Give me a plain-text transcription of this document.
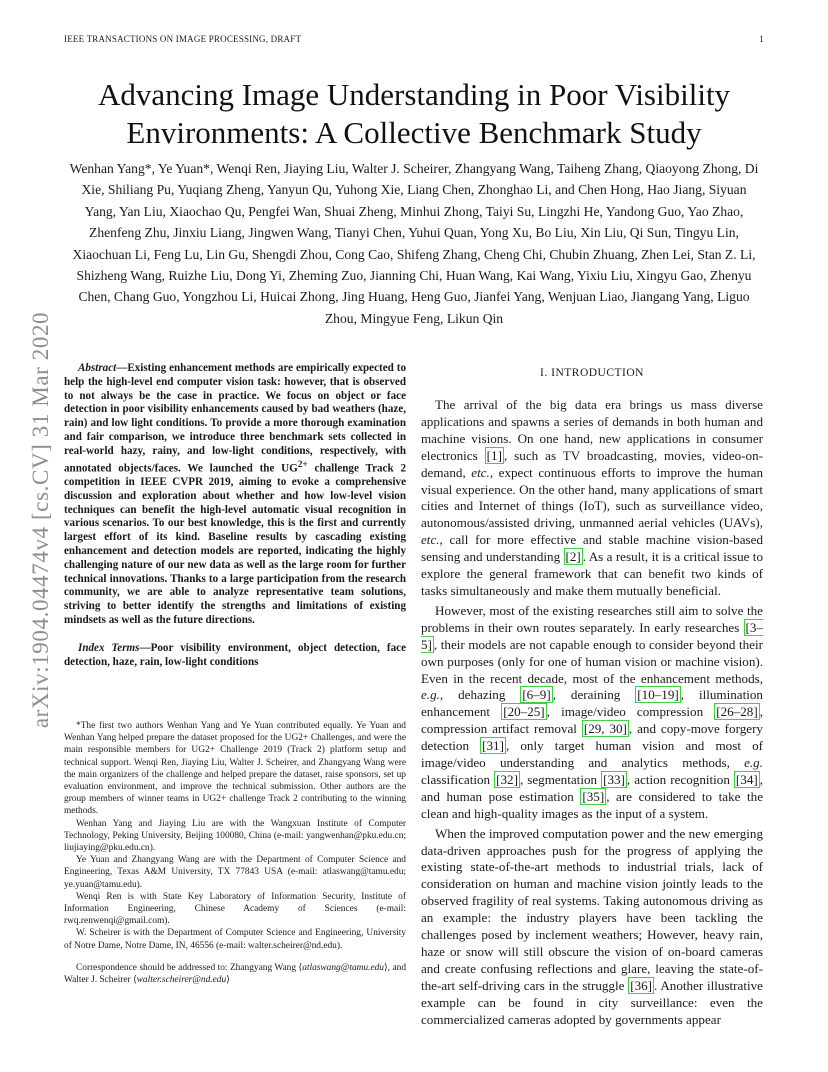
IEEE TRANSACTIONS ON IMAGE PROCESSING, DRAFT	1
arXiv:1904.04474v4 [cs.CV] 31 Mar 2020
Advancing Image Understanding in Poor Visibility Environments: A Collective Benchmark Study
Wenhan Yang*, Ye Yuan*, Wenqi Ren, Jiaying Liu, Walter J. Scheirer, Zhangyang Wang, Taiheng Zhang, Qiaoyong Zhong, Di Xie, Shiliang Pu, Yuqiang Zheng, Yanyun Qu, Yuhong Xie, Liang Chen, Zhonghao Li, and Chen Hong, Hao Jiang, Siyuan Yang, Yan Liu, Xiaochao Qu, Pengfei Wan, Shuai Zheng, Minhui Zhong, Taiyi Su, Lingzhi He, Yandong Guo, Yao Zhao, Zhenfeng Zhu, Jinxiu Liang, Jingwen Wang, Tianyi Chen, Yuhui Quan, Yong Xu, Bo Liu, Xin Liu, Qi Sun, Tingyu Lin, Xiaochuan Li, Feng Lu, Lin Gu, Shengdi Zhou, Cong Cao, Shifeng Zhang, Cheng Chi, Chubin Zhuang, Zhen Lei, Stan Z. Li, Shizheng Wang, Ruizhe Liu, Dong Yi, Zheming Zuo, Jianning Chi, Huan Wang, Kai Wang, Yixiu Liu, Xingyu Gao, Zhenyu Chen, Chang Guo, Yongzhou Li, Huicai Zhong, Jing Huang, Heng Guo, Jianfei Yang, Wenjuan Liao, Jiangang Yang, Liguo Zhou, Mingyue Feng, Likun Qin

Abstract—Existing enhancement methods are empirically expected to help the high-level end computer vision task: however, that is observed to not always be the case in practice. We focus on object or face detection in poor visibility enhancements caused by bad weathers (haze, rain) and low light conditions. To provide a more thorough examination and fair comparison, we introduce three benchmark sets collected in real-world hazy, rainy, and low-light conditions, respectively, with annotated objects/faces. We launched the $UG^{2+}$ challenge Track 2 competition in IEEE CVPR 2019, aiming to evoke a comprehensive discussion and exploration about whether and how low-level vision techniques can benefit the high-level automatic visual recognition in various scenarios. To our best knowledge, this is the first and currently largest effort of its kind. Baseline results by cascading existing enhancement and detection models are reported, indicating the highly challenging nature of our new data as well as the large room for further technical innovations. Thanks to a large participation from the research community, we are able to analyze representative team solutions, striving to better identify the strengths and limitations of existing mindsets as well as the future directions.

Index Terms—Poor visibility environment, object detection, face detection, haze, rain, low-light conditions

*The first two authors Wenhan Yang and Ye Yuan contributed equally. Ye Yuan and Wenhan Yang helped prepare the dataset proposed for the UG2+ Challenges, and were the main responsible members for UG2+ Challenge 2019 (Track 2) platform setup and technical support. Wenqi Ren, Jiaying Liu, Walter J. Scheirer, and Zhangyang Wang were the main organizers of the challenge and helped prepare the dataset, raise sponsors, set up evaluation environment, and improve the technical submission. Other authors are the group members of winner teams in UG2+ challenge Track 2 contributing to the winning methods.

Wenhan Yang and Jiaying Liu are with the Wangxuan Institute of Computer Technology, Peking University, Beijing 100080, China (e-mail: yangwenhan@pku.edu.cn; liujiaying@pku.edu.cn).

Ye Yuan and Zhangyang Wang are with the Department of Computer Science and Engineering, Texas A&M University, TX 77843 USA (e-mail: atlaswang@tamu.edu; ye.yuan@tamu.edu).

Wenqi Ren is with State Key Laboratory of Information Security, Institute of Information Engineering, Chinese Academy of Sciences (e-mail: rwq.renwenqi@gmail.com).

W. Scheirer is with the Department of Computer Science and Engineering, University of Notre Dame, Notre Dame, IN, 46556 (e-mail: walter.scheirer@nd.edu).

Correspondence should be addressed to: Zhangyang Wang ⟨atlaswang@tamu.edu⟩, and Walter J. Scheirer ⟨walter.scheirer@nd.edu⟩

I. INTRODUCTION

The arrival of the big data era brings us mass diverse applications and spawns a series of demands in both human and machine visions. On one hand, new applications in consumer electronics [1] , such as TV broadcasting, movies, video-on-demand, etc., expect continuous efforts to improve the human visual experience. On the other hand, many applications of smart cities and Internet of things (IoT), such as surveillance video, autonomous/assisted driving, unmanned aerial vehicles (UAVs), etc., call for more effective and stable machine vision-based sensing and understanding [2] . As a result, it is a critical issue to explore the general framework that can benefit two kinds of tasks simultaneously and make them mutually beneficial.

However, most of the existing researches still aim to solve the problems in their own routes separately. In early researches [3–5] , their models are not capable enough to consider beyond their own purposes (only for one of human vision or machine vision). Even in the recent decade, most of the enhancement methods, e.g., dehazing [6–9] , deraining [10–19] , illumination enhancement [20–25] , image/video compression [26–28] , compression artifact removal [29, 30] , and copy-move forgery detection [31] , only target human vision and most of image/video understanding and analytics methods, e.g. classification [32] , segmentation [33] , action recognition [34] , and human pose estimation [35] , are considered to take the clean and high-quality images as the input of a system.

When the improved computation power and the new emerging data-driven approaches push for the progress of applying the existing state-of-the-art methods to industrial trials, lack of consideration on human and machine vision jointly leads to the observed fragility of real systems. Taking autonomous driving as an example: the industry players have been tackling the challenges posed by inclement weathers; However, heavy rain, haze or snow will still obscure the vision of on-board cameras and create confusing reflections and glare, leaving the state-of-the-art self-driving cars in the struggle [36] . Another illustrative example can be found in city surveillance: even the commercialized cameras adopted by governments appear
